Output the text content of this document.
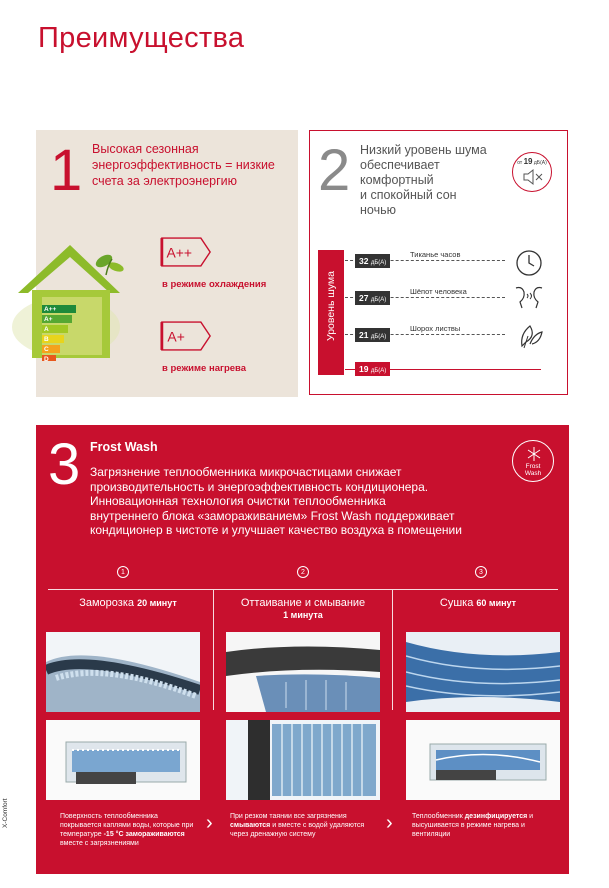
Преимущества
1 Высокая сезонная
энергоэффективность = низкие
счета за электроэнергию
A++
A+
A
B
C
D
A++
в режиме охлаждения
A+
в режиме нагрева
2 Низкий уровень шума
обеспечивает
комфортный
и спокойный сон
ночью
от 19 дБ(А)
Уровень шума
32 дБ(А)
Тиканье часов
27 дБ(А)
Шёпот человека
21 дБ(А)
Шорох листвы
19 дБ(А)
3 Frost Wash
Загрязнение теплообменника микрочастицами снижает
производительность и энергоэффективность кондиционера.
Инновационная технология очистки теплообменника
внутреннего блока «замораживанием» Frost Wash поддерживает
кондиционер в чистоте и улучшает качество воздуха в помещении
Frost
Wash
1	2	3
Заморозка 20 минут	Оттаивание и смывание
1 минута
Сушка 60 минут
›	›
Поверхность теплообменника покрывается каплями воды, которые при температуре -15 °C замораживаются вместе с загрязнениями
При резком таянии все загрязнения смываются и вместе с водой удаляются через дренажную систему
Теплообменник дезинфицируется и высушивается в режиме нагрева и вентиляции
X-Comfort
